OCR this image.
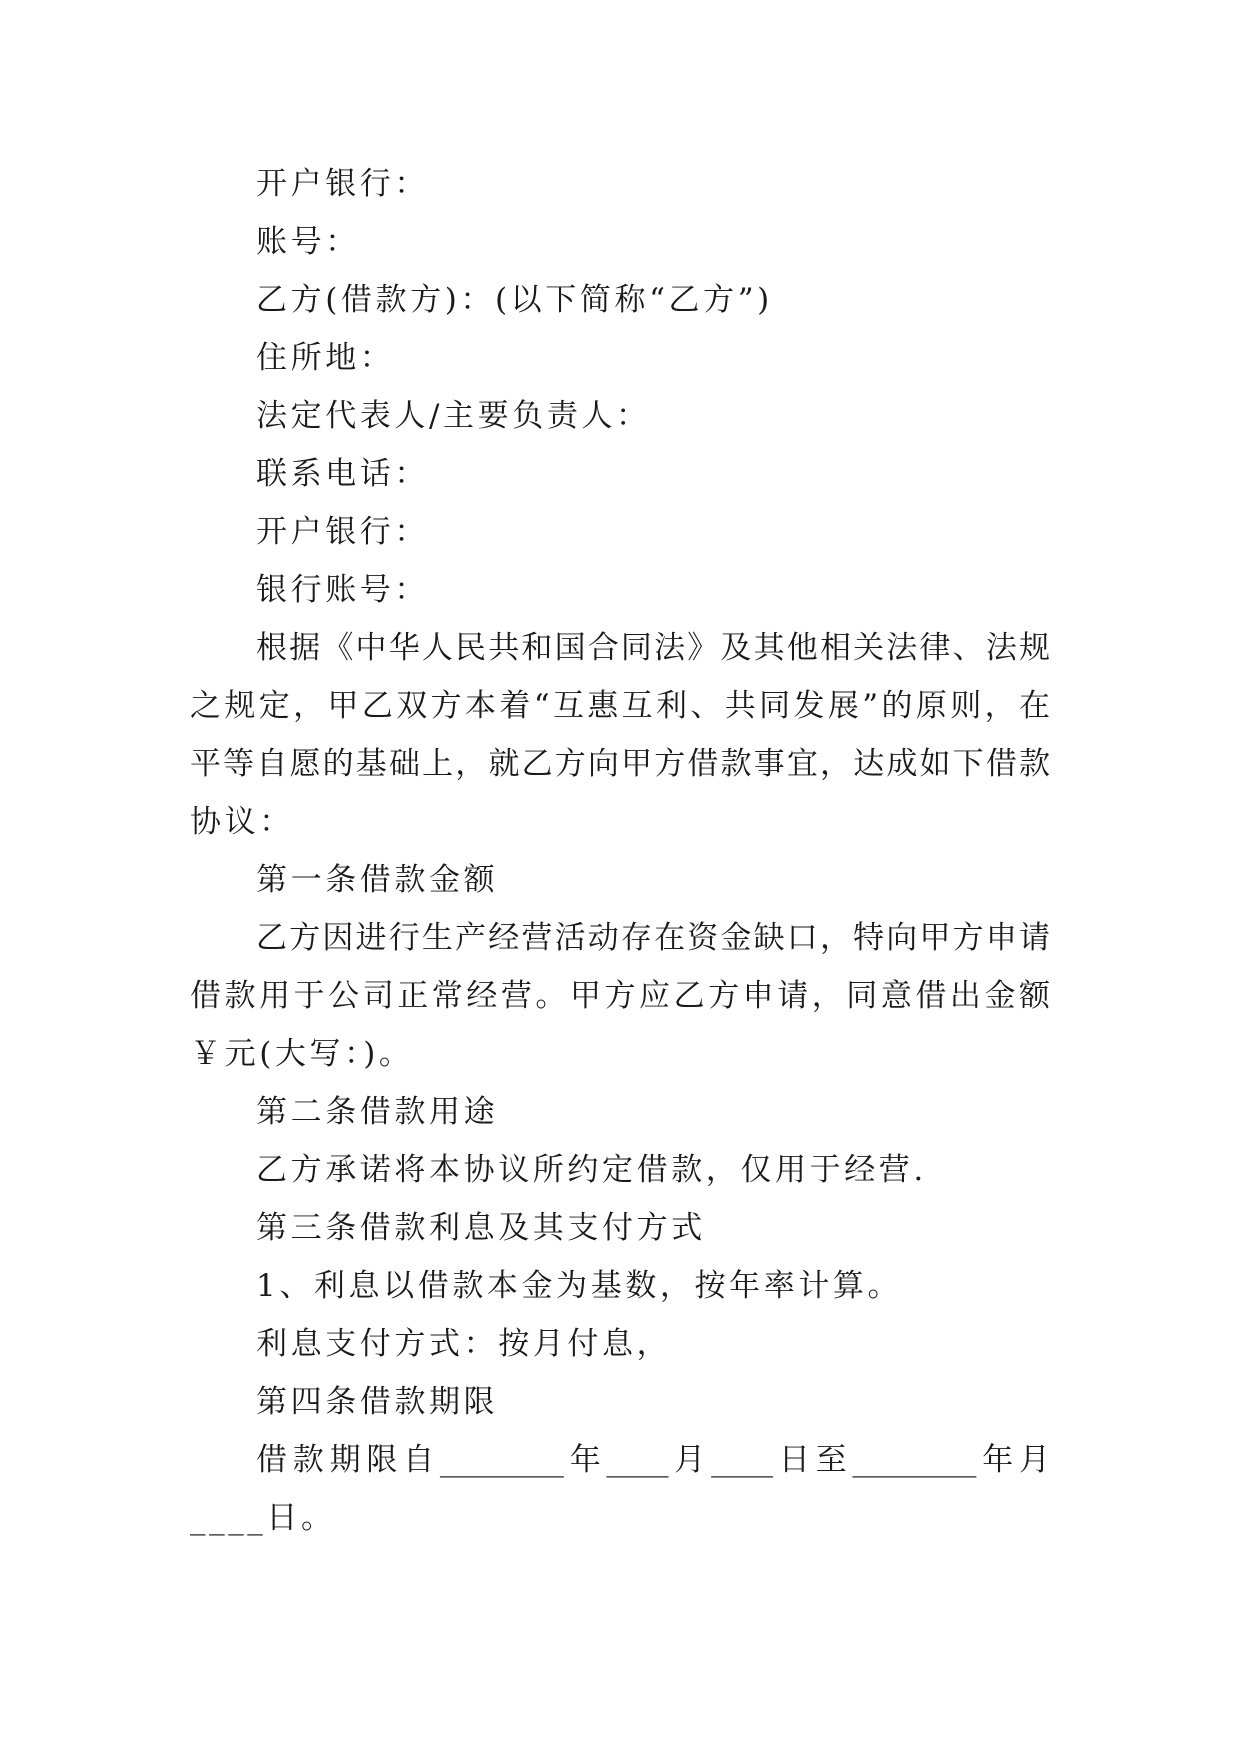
开户银行：
账号：
乙方(借款方)：(以下简称“乙方”)
住所地：
法定代表人/主要负责人：
联系电话：
开户银行：
银行账号：
根据《中华人民共和国合同法》及其他相关法律、法规
之规定，甲乙双方本着“互惠互利、共同发展”的原则，在
平等自愿的基础上，就乙方向甲方借款事宜，达成如下借款
协议：
第一条借款金额
乙方因进行生产经营活动存在资金缺口，特向甲方申请
借款用于公司正常经营。甲方应乙方申请，同意借出金额
￥元(大写：)。
第二条借款用途
乙方承诺将本协议所约定借款，仅用于经营.
第三条借款利息及其支付方式
1、利息以借款本金为基数，按年率计算。
利息支付方式：按月付息，
第四条借款期限
借款期限自________年____月____日至________年月
____日。
